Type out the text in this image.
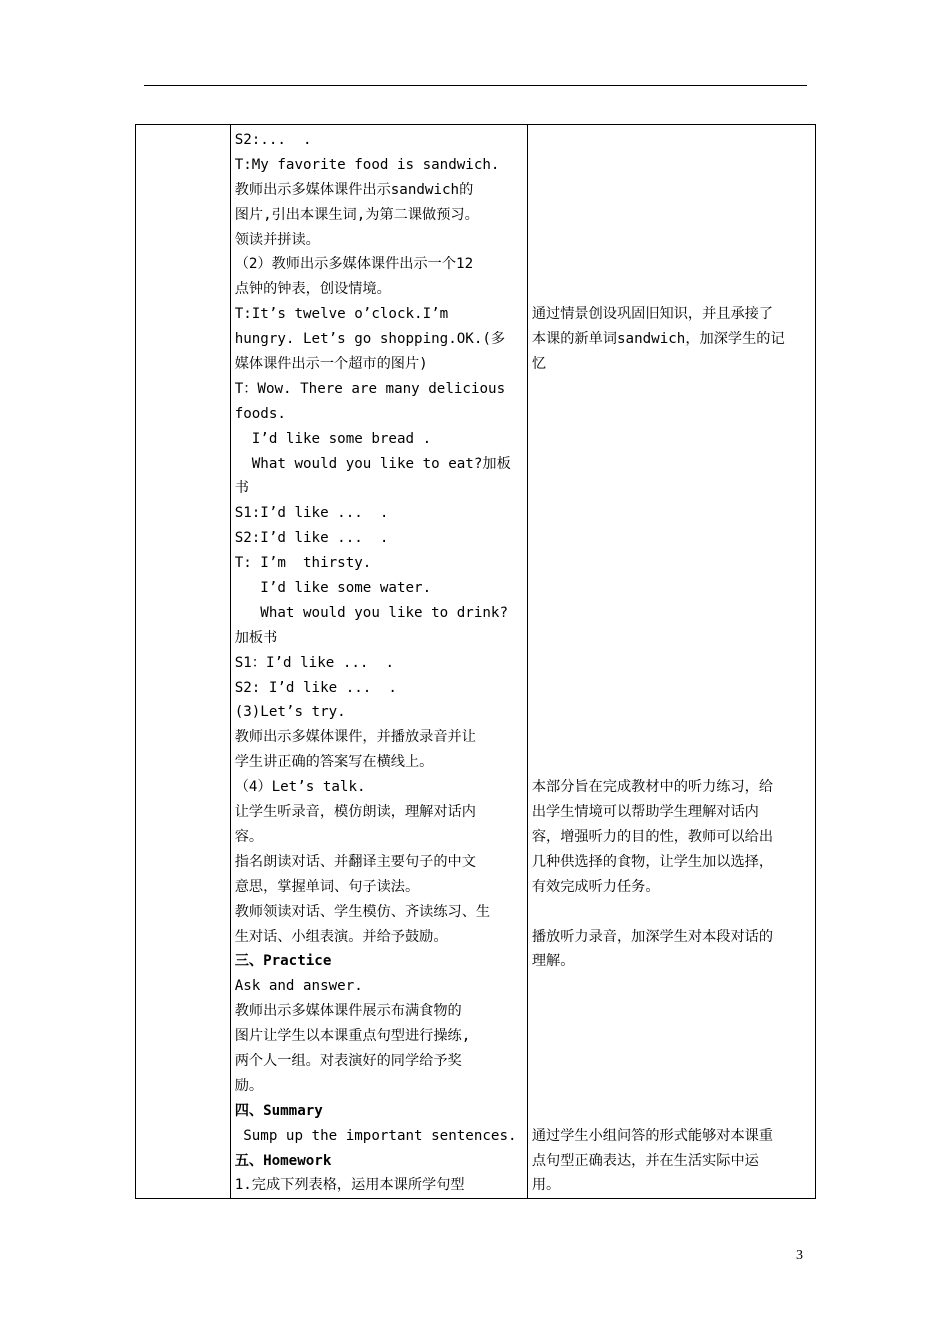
S2:...  .
T:My favorite food is sandwich.
教师出示多媒体课件出示sandwich的
图片,引出本课生词,为第二课做预习。
领读并拼读。
（2）教师出示多媒体课件出示一个12
点钟的钟表，创设情境。
T:It’s twelve o’clock.I’m
hungry. Let’s go shopping.OK.(多
媒体课件出示一个超市的图片)
T：Wow. There are many delicious
foods.
I’d like some bread .
What would you like to eat?加板
书
S1:I’d like ...  .
S2:I’d like ...  .
T: I’m  thirsty.
I’d like some water.
What would you like to drink?
加板书
S1：I’d like ...  .
S2: I’d like ...  .
(3)Let’s try.
教师出示多媒体课件，并播放录音并让
学生讲正确的答案写在横线上。
（4）Let’s talk.
让学生听录音，模仿朗读，理解对话内
容。
指名朗读对话、并翻译主要句子的中文
意思，掌握单词、句子读法。
教师领读对话、学生模仿、齐读练习、生
生对话、小组表演。并给予鼓励。
三、Practice
Ask and answer.
教师出示多媒体课件展示布满食物的
图片让学生以本课重点句型进行操练,
两个人一组。对表演好的同学给予奖
励。
四、Summary
Sump up the important sentences.
五、Homework
1.完成下列表格，运用本课所学句型

通过情景创设巩固旧知识，并且承接了
本课的新单词sandwich，加深学生的记
忆
本部分旨在完成教材中的听力练习，给
出学生情境可以帮助学生理解对话内
容，增强听力的目的性，教师可以给出
几种供选择的食物，让学生加以选择，
有效完成听力任务。
播放听力录音，加深学生对本段对话的
理解。
通过学生小组问答的形式能够对本课重
点句型正确表达，并在生活实际中运
用。
3
